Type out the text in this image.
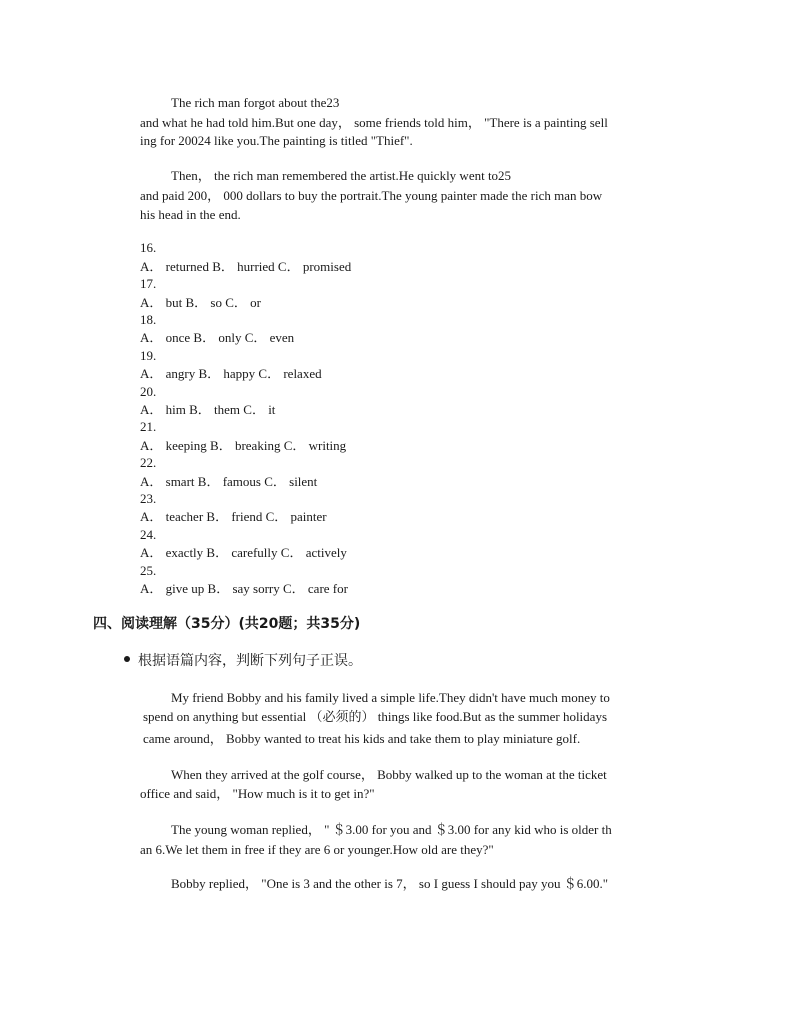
The rich man forgot about the23
and what he had told him.But one day， some friends told him， "There is a painting sell
ing for 20024 like you.The painting is titled "Thief".
Then， the rich man remembered the artist.He quickly went to25
and paid 200， 000 dollars to buy the portrait.The young painter made the rich man bow
his head in the end.
16.
A． returned B． hurried C． promised
17.
A． but B． so C． or
18.
A． once B． only C． even
19.
A． angry B． happy C． relaxed
20.
A． him B． them C． it
21.
A． keeping B． breaking C． writing
22.
A． smart B． famous C． silent
23.
A． teacher B． friend C． painter
24.
A． exactly B． carefully C． actively
25.
A． give up B． say sorry C． care for
四、阅读理解（35分）(共20题；共35分)
根据语篇内容，判断下列句子正误。
My friend Bobby and his family lived a simple life.They didn't have much money to
spend on anything but essential （必须的） things like food.But as the summer holidays
came around， Bobby wanted to treat his kids and take them to play miniature golf.
When they arrived at the golf course， Bobby walked up to the woman at the ticket
office and said， "How much is it to get in?"
The young woman replied， " ＄3.00 for you and ＄3.00 for any kid who is older th
an 6.We let them in free if they are 6 or younger.How old are they?"
Bobby replied， "One is 3 and the other is 7， so I guess I should pay you ＄6.00."
